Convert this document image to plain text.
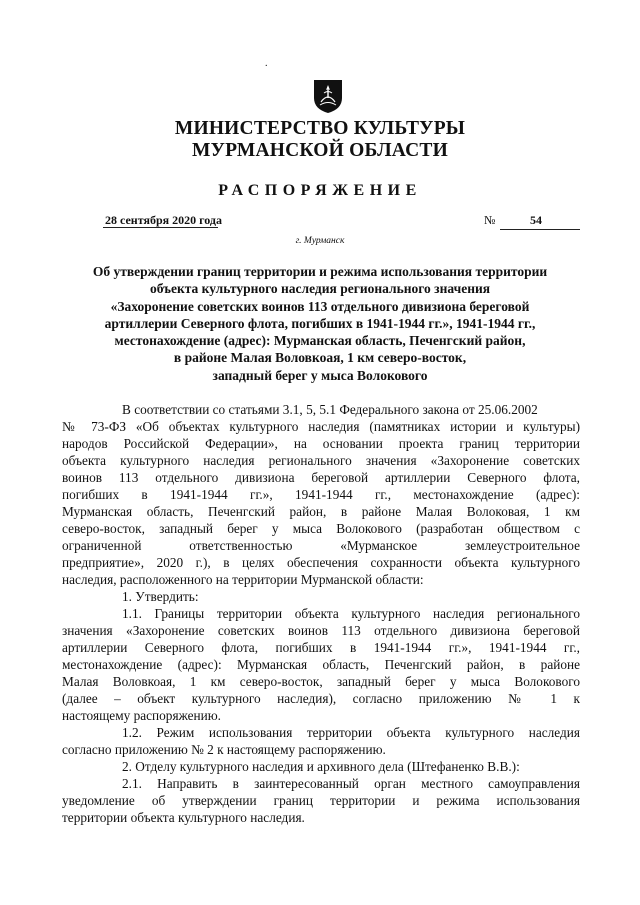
.
МИНИСТЕРСТВО КУЛЬТУРЫ
МУРМАНСКОЙ ОБЛАСТИ
РАСПОРЯЖЕНИЕ
28 сентября 2020 года	№	54
г. Мурманск
Об утверждении границ территории и режима использования территории
объекта культурного наследия регионального значения
«Захоронение советских воинов 113 отдельного дивизиона береговой
артиллерии Северного флота, погибших в 1941-1944 гг.», 1941-1944 гг.,
местонахождение (адрес): Мурманская область, Печенгский район,
в районе Малая Воловкоая, 1 км северо-восток,
западный берег у мыса Волокового
В соответствии со статьями 3.1, 5, 5.1 Федерального закона от 25.06.2002
№ 73-ФЗ «Об объектах культурного наследия (памятниках истории и культуры)
народов Российской Федерации», на основании проекта границ территории
объекта культурного наследия регионального значения «Захоронение советских
воинов 113 отдельного дивизиона береговой артиллерии Северного флота,
погибших в 1941-1944 гг.», 1941-1944 гг., местонахождение (адрес):
Мурманская область, Печенгский район, в районе Малая Волоковая, 1 км
северо-восток, западный берег у мыса Волокового (разработан обществом с
ограниченной ответственностью «Мурманское землеустроительное
предприятие», 2020 г.), в целях обеспечения сохранности объекта культурного
наследия, расположенного на территории Мурманской области:
1. Утвердить:
1.1. Границы территории объекта культурного наследия регионального
значения «Захоронение советских воинов 113 отдельного дивизиона береговой
артиллерии Северного флота, погибших в 1941-1944 гг.», 1941-1944 гг.,
местонахождение (адрес): Мурманская область, Печенгский район, в районе
Малая Воловкоая, 1 км северо-восток, западный берег у мыса Волокового
(далее – объект культурного наследия), согласно приложению № 1 к
настоящему распоряжению.
1.2. Режим использования территории объекта культурного наследия
согласно приложению № 2 к настоящему распоряжению.
2. Отделу культурного наследия и архивного дела (Штефаненко В.В.):
2.1. Направить в заинтересованный орган местного самоуправления
уведомление об утверждении границ территории и режима использования
территории объекта культурного наследия.
